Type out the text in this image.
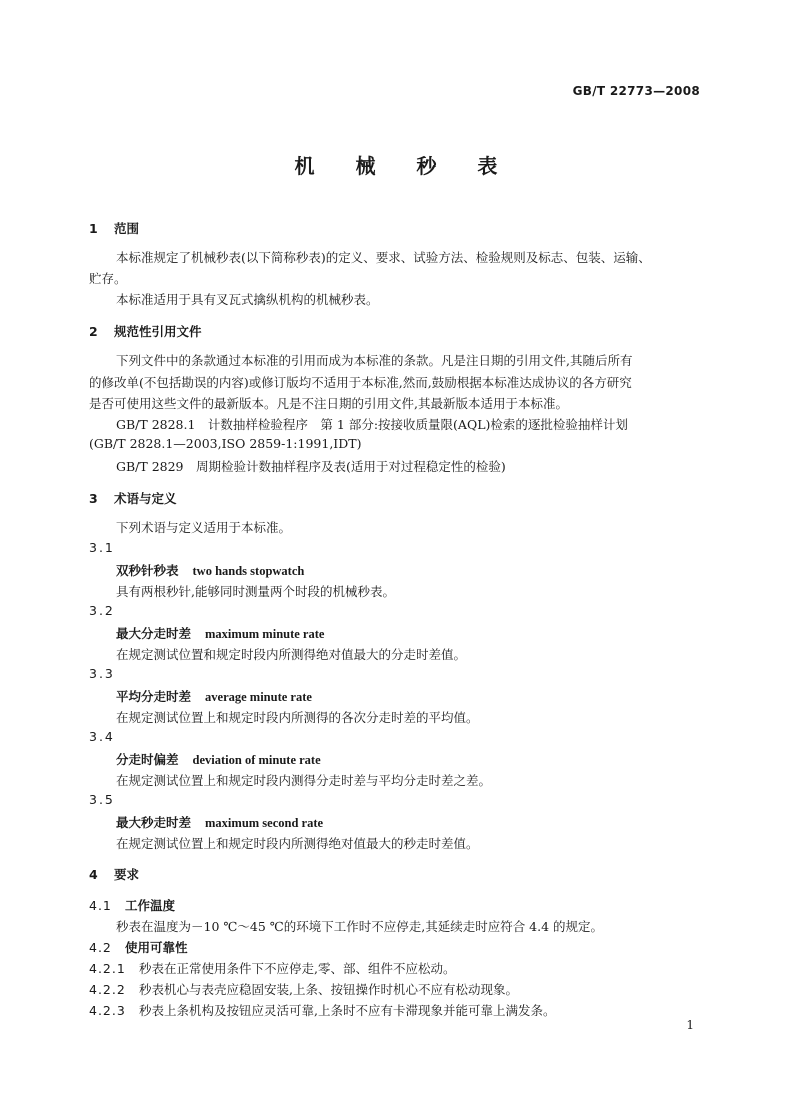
GB/T 22773—2008
机 械 秒 表
1 范围
本标准规定了机械秒表(以下简称秒表)的定义、要求、试验方法、检验规则及标志、包装、运输、
贮存。
本标准适用于具有叉瓦式擒纵机构的机械秒表。
2 规范性引用文件
下列文件中的条款通过本标准的引用而成为本标准的条款。凡是注日期的引用文件,其随后所有
的修改单(不包括勘误的内容)或修订版均不适用于本标准,然而,鼓励根据本标准达成协议的各方研究
是否可使用这些文件的最新版本。凡是不注日期的引用文件,其最新版本适用于本标准。
GB/T 2828.1　计数抽样检验程序　第 1 部分:按接收质量限(AQL)检索的逐批检验抽样计划
(GB/T 2828.1—2003,ISO 2859-1:1991,IDT)
GB/T 2829　周期检验计数抽样程序及表(适用于对过程稳定性的检验)
3 术语与定义
下列术语与定义适用于本标准。
3.1
双秒针秒表 two hands stopwatch
具有两根秒针,能够同时测量两个时段的机械秒表。
3.2
最大分走时差 maximum minute rate
在规定测试位置和规定时段内所测得绝对值最大的分走时差值。
3.3
平均分走时差 average minute rate
在规定测试位置上和规定时段内所测得的各次分走时差的平均值。
3.4
分走时偏差 deviation of minute rate
在规定测试位置上和规定时段内测得分走时差与平均分走时差之差。
3.5
最大秒走时差 maximum second rate
在规定测试位置上和规定时段内所测得绝对值最大的秒走时差值。
4 要求
4.1 工作温度
秒表在温度为－10 ℃～45 ℃的环境下工作时不应停走,其延续走时应符合 4.4 的规定。
4.2 使用可靠性
4.2.1 秒表在正常使用条件下不应停走,零、部、组件不应松动。
4.2.2 秒表机心与表壳应稳固安装,上条、按钮操作时机心不应有松动现象。
4.2.3 秒表上条机构及按钮应灵活可靠,上条时不应有卡滞现象并能可靠上满发条。
1
